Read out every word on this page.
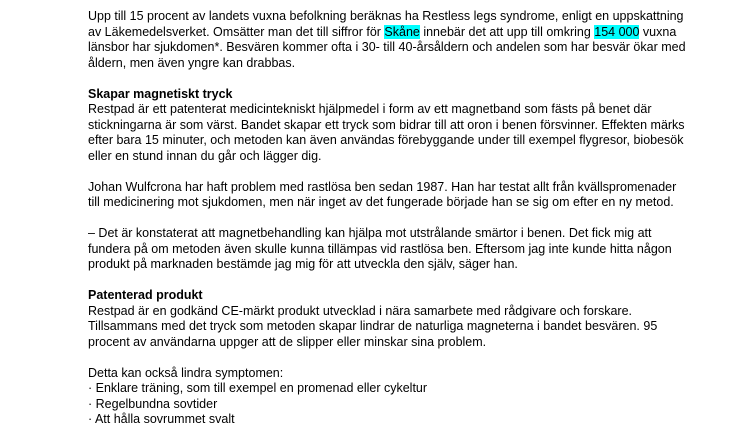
Upp till 15 procent av landets vuxna befolkning beräknas ha Restless legs syndrome, enligt en uppskattning av Läkemedelsverket. Omsätter man det till siffror för Skåne innebär det att upp till omkring 154 000 vuxna länsbor har sjukdomen*. Besvären kommer ofta i 30- till 40-årsåldern och andelen som har besvär ökar med åldern, men även yngre kan drabbas.

Skapar magnetiskt tryck

Restpad är ett patenterat medicintekniskt hjälpmedel i form av ett magnetband som fästs på benet där stickningarna är som värst. Bandet skapar ett tryck som bidrar till att oron i benen försvinner. Effekten märks efter bara 15 minuter, och metoden kan även användas förebyggande under till exempel flygresor, biobesök eller en stund innan du går och lägger dig.

Johan Wulfcrona har haft problem med rastlösa ben sedan 1987. Han har testat allt från kvällspromenader till medicinering mot sjukdomen, men när inget av det fungerade började han se sig om efter en ny metod.

– Det är konstaterat att magnetbehandling kan hjälpa mot utstrålande smärtor i benen. Det fick mig att fundera på om metoden även skulle kunna tillämpas vid rastlösa ben. Eftersom jag inte kunde hitta någon produkt på marknaden bestämde jag mig för att utveckla den själv, säger han.

Patenterad produkt

Restpad är en godkänd CE-märkt produkt utvecklad i nära samarbete med rådgivare och forskare. Tillsammans med det tryck som metoden skapar lindrar de naturliga magneterna i bandet besvären. 95 procent av användarna uppger att de slipper eller minskar sina problem.

Detta kan också lindra symptomen:

· Enklare träning, som till exempel en promenad eller cykeltur
· Regelbundna sovtider
· Att hålla sovrummet svalt
